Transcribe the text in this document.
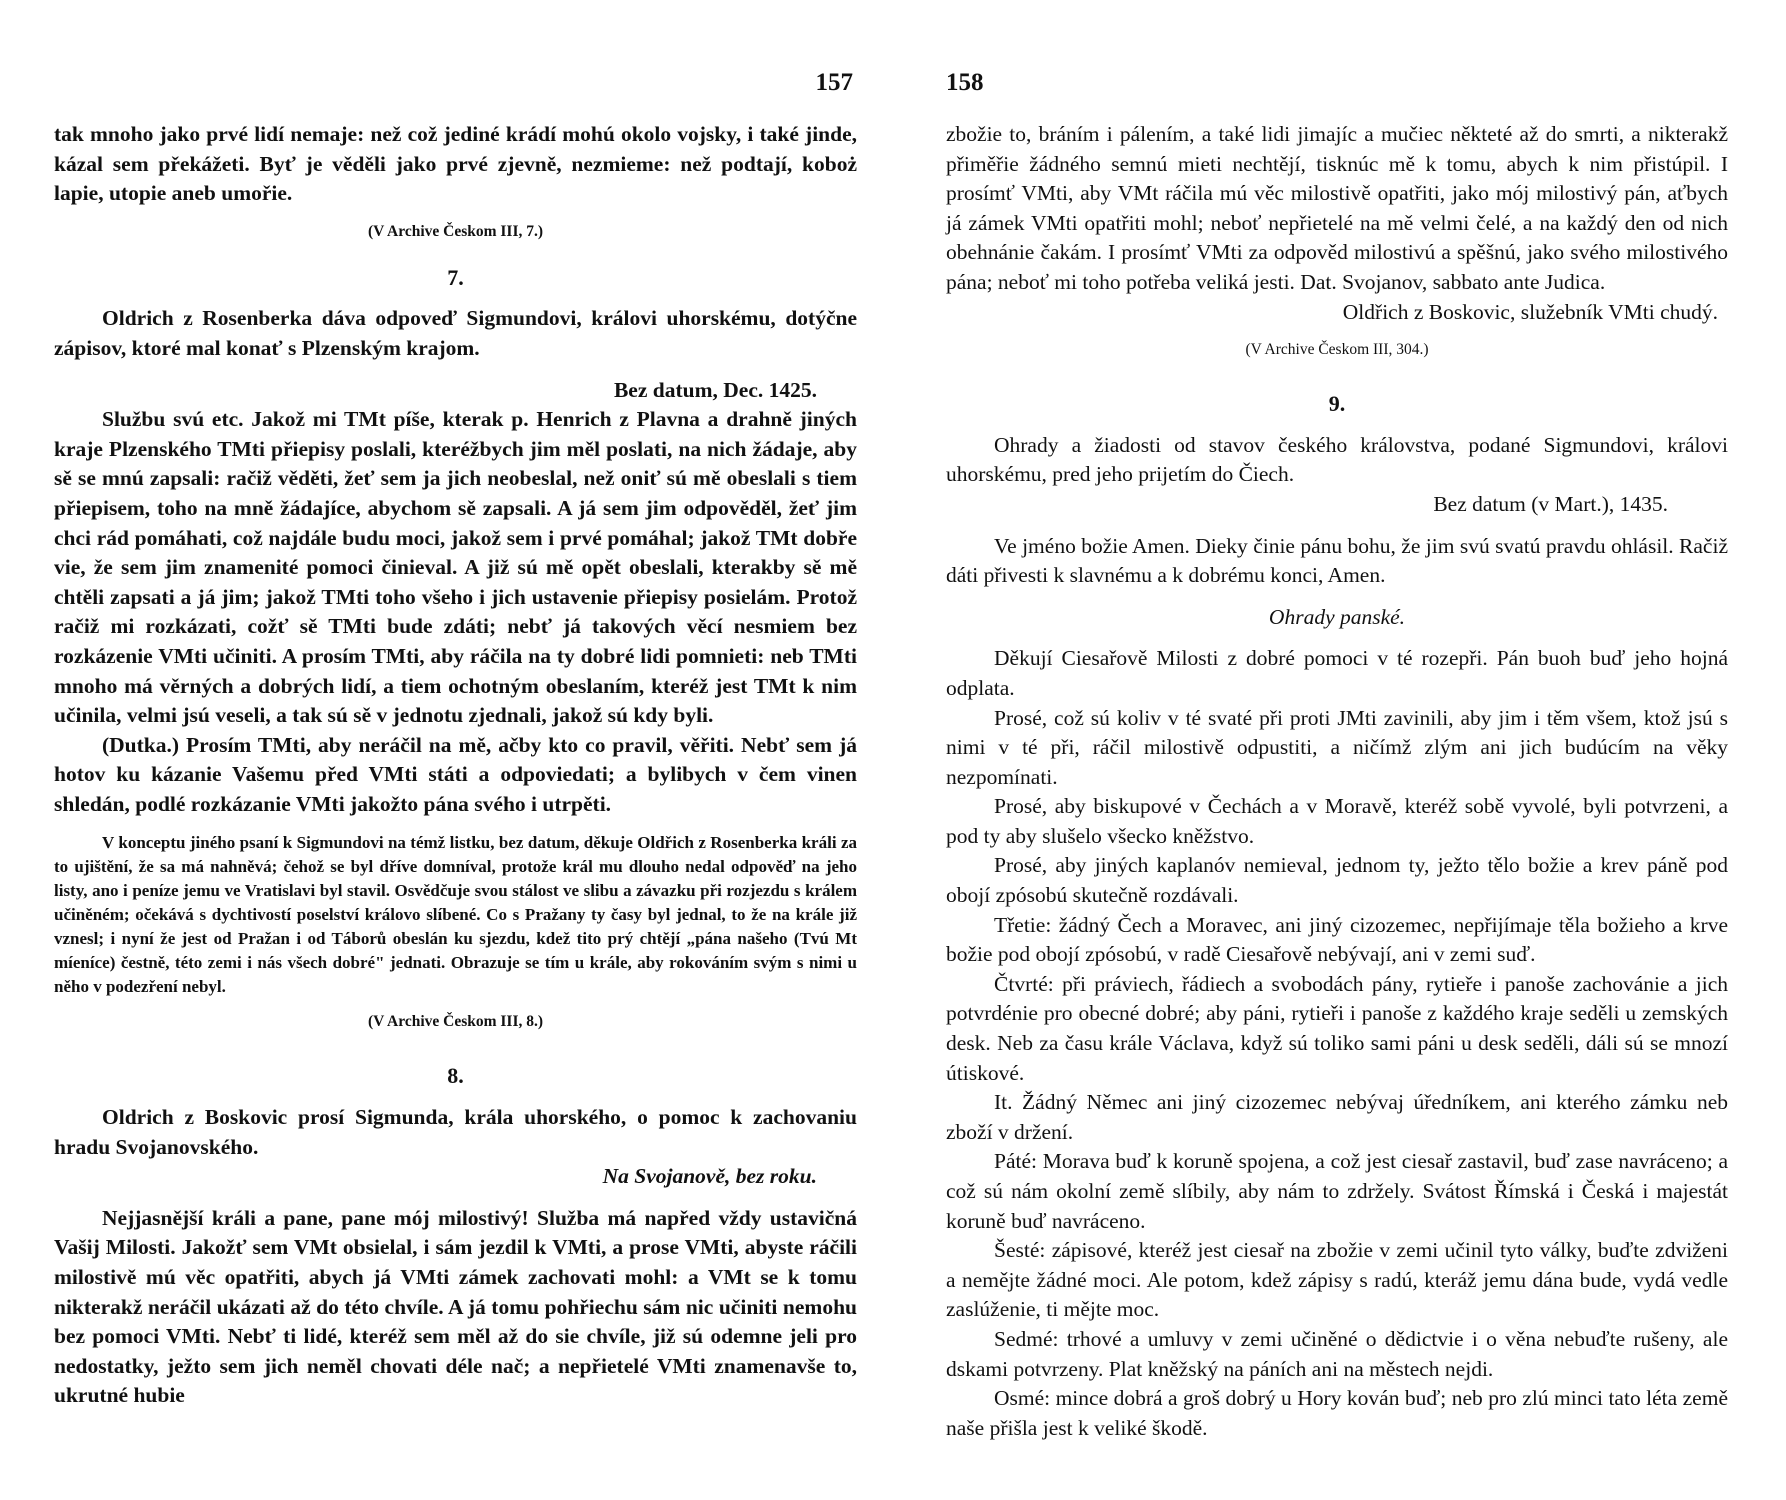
157

tak mnoho jako prvé lidí nemaje: než což jediné krádí mohú okolo vojsky, i také jinde, kázal sem překážeti. Byť je věděli jako prvé zjevně, nezmieme: než podtají, koboż lapie, utopie aneb umořie.

(V Archive Českom III, 7.)

7.

Oldrich z Rosenberka dáva odpoveď Sigmundovi, královi uhorskému, dotýčne zápisov, ktoré mal konať s Plzenským krajom.

Bez datum, Dec. 1425.

Službu svú etc. Jakož mi TMt píše, kterak p. Henrich z Plavna a drahně jiných kraje Plzenského TMti přiepisy poslali, kteréžbych jim měl poslati, na nich žádaje, aby sě se mnú zapsali: račiž věděti, žeť sem ja jich neobeslal, než oniť sú mě obeslali s tiem přiepisem, toho na mně žádajíce, abychom sě zapsali. A já sem jim odpověděl, žeť jim chci rád pomáhati, což najdále budu moci, jakož sem i prvé pomáhal; jakož TMt dobře vie, že sem jim znamenité pomoci činieval. A již sú mě opět obeslali, kterakby sě mě chtěli zapsati a já jim; jakož TMti toho všeho i jich ustavenie přiepisy posielám. Protož račiž mi rozkázati, cožť sě TMti bude zdáti; nebť já takových věcí nesmiem bez rozkázenie VMti učiniti. A prosím TMti, aby ráčila na ty dobré lidi pomnieti: neb TMti mnoho má věrných a dobrých lidí, a tiem ochotným obeslaním, kteréž jest TMt k nim učinila, velmi jsú veseli, a tak sú sě v jednotu zjednali, jakož sú kdy byli.

(Dutka.) Prosím TMti, aby neráčil na mě, ačby kto co pravil, věřiti. Nebť sem já hotov ku kázanie Vašemu před VMti státi a odpoviedati; a bylibych v čem vinen shledán, podlé rozkázanie VMti jakožto pána svého i utrpěti.

V konceptu jiného psaní k Sigmundovi na témž listku, bez datum, děkuje Oldřich z Rosenberka králi za to ujištění, že sa má nahněvá; čehož se byl dříve domníval, protože král mu dlouho nedal odpověď na jeho listy, ano i peníze jemu ve Vratislavi byl stavil. Osvědčuje svou stálost ve slibu a závazku při rozjezdu s králem učiněném; očekává s dychtivostí poselství královo slíbené. Co s Pražany ty časy byl jednal, to že na krále již vznesl; i nyní že jest od Pražan i od Táborů obeslán ku sjezdu, kdež tito prý chtějí „pána našeho (Tvú Mt míeníce) čestně, této zemi i nás všech dobré" jednati. Obrazuje se tím u krále, aby rokováním svým s nimi u něho v podezření nebyl.

(V Archive Českom III, 8.)

8.

Oldrich z Boskovic prosí Sigmunda, krála uhorského, o pomoc k zachovaniu hradu Svojanovského.

Na Svojanově, bez roku.

Nejjasnější králi a pane, pane mój milostivý! Služba má napřed vždy ustavičná Vašij Milosti. Jakožť sem VMt obsielal, i sám jezdil k VMti, a prose VMti, abyste ráčili milostivě mú věc opatřiti, abych já VMti zámek zachovati mohl: a VMt se k tomu nikterakž neráčil ukázati až do této chvíle. A já tomu pohřiechu sám nic učiniti nemohu bez pomoci VMti. Nebť ti lidé, kteréž sem měl až do sie chvíle, již sú odemne jeli pro nedostatky, ježto sem jich neměl chovati déle nač; a nepřietelé VMti znamenavše to, ukrutné hubie

158

zbožie to, bráním i pálením, a také lidi jimajíc a mučiec někteté až do smrti, a nikterakž přiměřie žádného semnú mieti nechtějí, tisknúc mě k tomu, abych k nim přistúpil. I prosímť VMti, aby VMt ráčila mú věc milostivě opatřiti, jako mój milostivý pán, aťbych já zámek VMti opatřiti mohl; neboť nepřietelé na mě velmi čelé, a na každý den od nich obehnánie čakám. I prosímť VMti za odpověd milostivú a spěšnú, jako svého milostivého pána; neboť mi toho potřeba veliká jesti. Dat. Svojanov, sabbato ante Judica.

Oldřich z Boskovic, služebník VMti chudý.

(V Archive Českom III, 304.)

9.

Ohrady a žiadosti od stavov českého královstva, podané Sigmundovi, královi uhorskému, pred jeho prijetím do Čiech.

Bez datum (v Mart.), 1435.

Ve jméno božie Amen. Dieky činie pánu bohu, že jim svú svatú pravdu ohlásil. Račiž dáti přivesti k slavnému a k dobrému konci, Amen.

Ohrady panské.

Děkují Ciesařově Milosti z dobré pomoci v té rozepři. Pán buoh buď jeho hojná odplata.

Prosé, což sú koliv v té svaté při proti JMti zavinili, aby jim i těm všem, ktož jsú s nimi v té při, ráčil milostivě odpustiti, a ničímž zlým ani jich budúcím na věky nezpomínati.

Prosé, aby biskupové v Čechách a v Moravě, kteréž sobě vyvolé, byli potvrzeni, a pod ty aby slušelo všecko kněžstvo.

Prosé, aby jiných kaplanóv nemieval, jednom ty, ježto tělo božie a krev páně pod obojí zpósobú skutečně rozdávali.

Třetie: žádný Čech a Moravec, ani jiný cizozemec, nepřijímaje těla božieho a krve božie pod obojí zpósobú, v radě Ciesařově nebývají, ani v zemi suď.

Čtvrté: při práviech, řádiech a svobodách pány, rytieře i panoše zachovánie a jich potvrdénie pro obecné dobré; aby páni, rytieři i panoše z každého kraje seděli u zemských desk. Neb za času krále Václava, když sú toliko sami páni u desk seděli, dáli sú se mnozí útiskové.

It. Žádný Němec ani jiný cizozemec nebývaj úředníkem, ani kterého zámku neb zboží v držení.

Páté: Morava buď k koruně spojena, a což jest ciesař zastavil, buď zase navráceno; a což sú nám okolní země slíbily, aby nám to zdržely. Svátost Římská i Česká i majestát koruně buď navráceno.

Šesté: zápisové, kteréž jest ciesař na zbožie v zemi učinil tyto války, buďte zdviženi a nemějte žádné moci. Ale potom, kdež zápisy s radú, kteráž jemu dána bude, vydá vedle zaslúženie, ti mějte moc.

Sedmé: trhové a umluvy v zemi učiněné o dědictvie i o věna nebuďte rušeny, ale dskami potvrzeny. Plat kněžský na páních ani na městech nejdi.

Osmé: mince dobrá a groš dobrý u Hory kován buď; neb pro zlú minci tato léta země naše přišla jest k veliké škodě.
